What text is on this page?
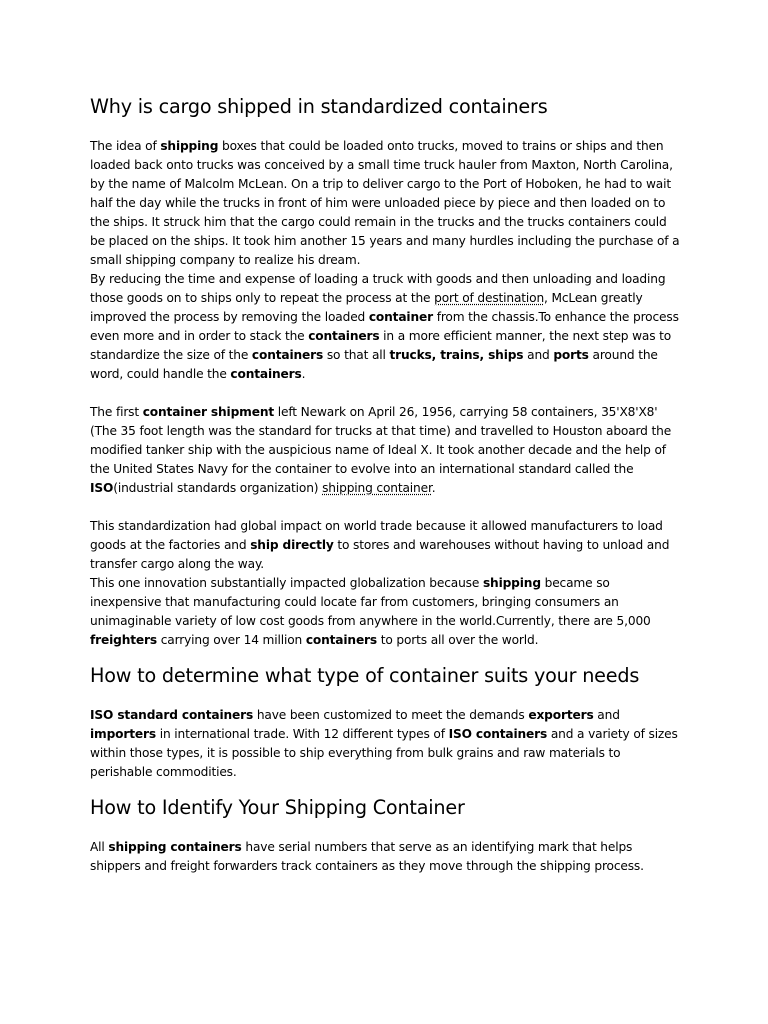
Why is cargo shipped in standardized containers

The idea of shipping boxes that could be loaded onto trucks, moved to trains or ships and then loaded back onto trucks was conceived by a small time truck hauler from Maxton, North Carolina, by the name of Malcolm McLean. On a trip to deliver cargo to the Port of Hoboken, he had to wait half the day while the trucks in front of him were unloaded piece by piece and then loaded on to the ships. It struck him that the cargo could remain in the trucks and the trucks containers could be placed on the ships. It took him another 15 years and many hurdles including the purchase of a small shipping company to realize his dream.

By reducing the time and expense of loading a truck with goods and then unloading and loading those goods on to ships only to repeat the process at the port of destination, McLean greatly improved the process by removing the loaded container from the chassis.To enhance the process even more and in order to stack the containers in a more efficient manner, the next step was to standardize the size of the containers so that all trucks, trains, ships and ports around the word, could handle the containers.

The first container shipment left Newark on April 26, 1956, carrying 58 containers, 35'X8'X8' (The 35 foot length was the standard for trucks at that time) and travelled to Houston aboard the modified tanker ship with the auspicious name of Ideal X. It took another decade and the help of the United States Navy for the container to evolve into an international standard called the ISO(industrial standards organization) shipping container.

This standardization had global impact on world trade because it allowed manufacturers to load goods at the factories and ship directly to stores and warehouses without having to unload and transfer cargo along the way.

This one innovation substantially impacted globalization because shipping became so inexpensive that manufacturing could locate far from customers, bringing consumers an unimaginable variety of low cost goods from anywhere in the world.Currently, there are 5,000 freighters carrying over 14 million containers to ports all over the world.

How to determine what type of container suits your needs

ISO standard containers have been customized to meet the demands exporters and importers in international trade. With 12 different types of ISO containers and a variety of sizes within those types, it is possible to ship everything from bulk grains and raw materials to perishable commodities.

How to Identify Your Shipping Container

All shipping containers have serial numbers that serve as an identifying mark that helps shippers and freight forwarders track containers as they move through the shipping process.
